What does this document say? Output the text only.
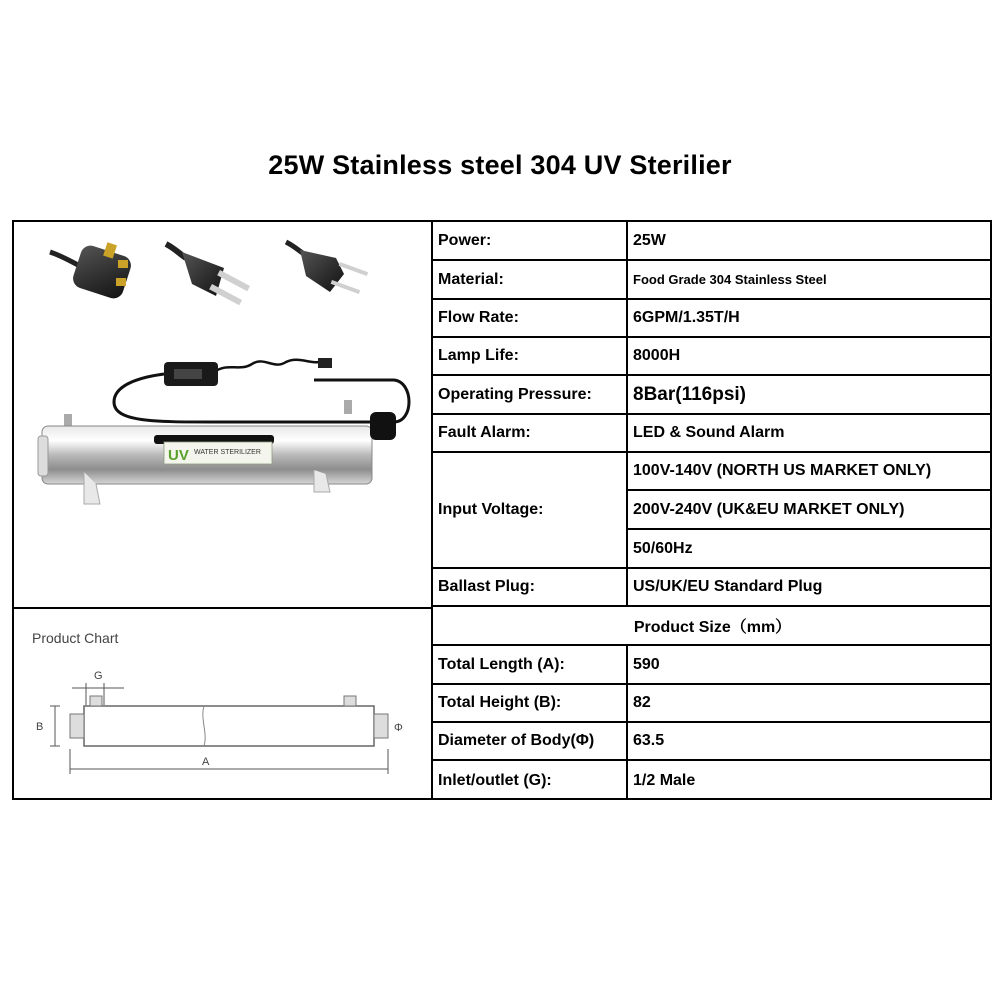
25W Stainless steel 304 UV Sterilier
UV WATER STERILIZER
Product Chart
G
B	Φ
A
Power:	25W
Material:	Food Grade 304 Stainless Steel
Flow Rate:	6GPM/1.35T/H
Lamp Life:	8000H
Operating Pressure:	8Bar(116psi)
Fault Alarm:	LED & Sound Alarm
Input Voltage:
100V-140V (NORTH US MARKET ONLY)
200V-240V (UK&EU MARKET ONLY)
50/60Hz
Ballast Plug:	US/UK/EU Standard Plug
Product Size（mm）
Total Length (A):	590
Total Height (B):	82
Diameter of Body(Φ)	63.5
Inlet/outlet (G):	1/2 Male
